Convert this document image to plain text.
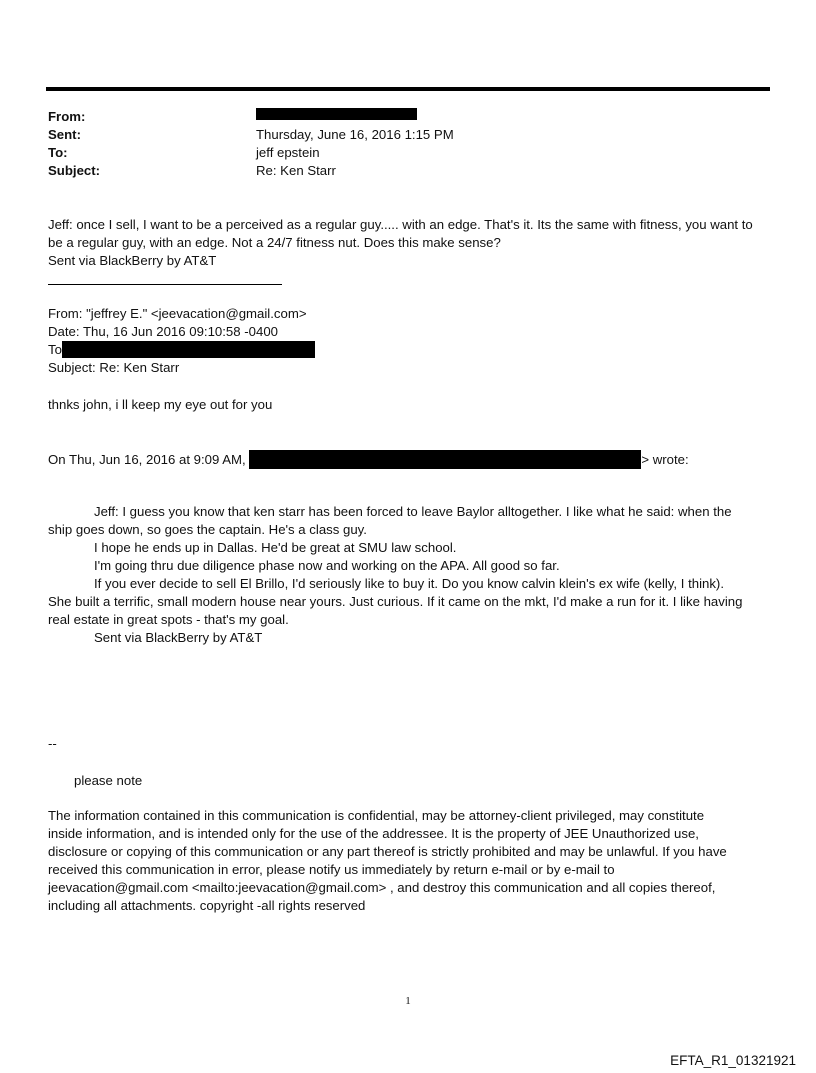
From:
Sent:	Thursday, June 16, 2016 1:15 PM
To:	jeff epstein
Subject:	Re: Ken Starr
Jeff: once I sell, I want to be a perceived as a regular guy..... with an edge. That's it. Its the same with fitness, you want to
be a regular guy, with an edge. Not a 24/7 fitness nut. Does this make sense?
Sent via BlackBerry by AT&T
From: "jeffrey E." <jeevacation@gmail.com>
Date: Thu, 16 Jun 2016 09:10:58 -0400
To
Subject: Re: Ken Starr
thnks john, i ll keep my eye out for you
On Thu, Jun 16, 2016 at 9:09 AM,	> wrote:
Jeff: I guess you know that ken starr has been forced to leave Baylor alltogether. I like what he said: when the
ship goes down, so goes the captain. He's a class guy.
I hope he ends up in Dallas. He'd be great at SMU law school.
I'm going thru due diligence phase now and working on the APA. All good so far.
If you ever decide to sell El Brillo, I'd seriously like to buy it. Do you know calvin klein's ex wife (kelly, I think).
She built a terrific, small modern house near yours. Just curious. If it came on the mkt, I'd make a run for it. I like having
real estate in great spots - that's my goal.
Sent via BlackBerry by AT&T
--
please note
The information contained in this communication is confidential, may be attorney-client privileged, may constitute
inside information, and is intended only for the use of the addressee. It is the property of JEE Unauthorized use,
disclosure or copying of this communication or any part thereof is strictly prohibited and may be unlawful. If you have
received this communication in error, please notify us immediately by return e-mail or by e-mail to
jeevacation@gmail.com <mailto:jeevacation@gmail.com> , and destroy this communication and all copies thereof,
including all attachments. copyright -all rights reserved
1
EFTA_R1_01321921
